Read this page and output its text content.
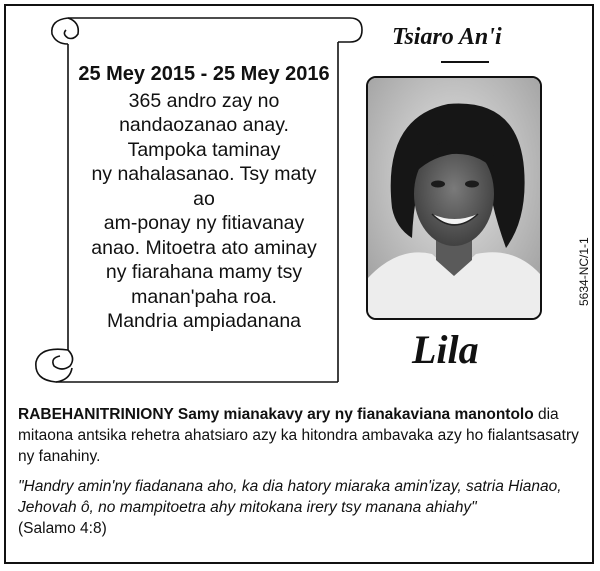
25 Mey 2015 - 25 Mey 2016
365 andro zay no
nandaozanao anay.
Tampoka taminay
ny nahalasanao. Tsy maty ao
am-ponay ny fitiavanay
anao. Mitoetra ato aminay
ny fiarahana mamy tsy
manan'paha roa.
Mandria ampiadanana
Tsiaro An'i
Lila
5634-NC/1-1
RABEHANITRINIONY Samy mianakavy ary ny fianakaviana manontolo dia mitaona antsika rehetra ahatsiaro azy ka hitondra ambavaka azy ho fialantsasatry ny fanahiny.
"Handry amin'ny fiadanana aho, ka dia hatory miaraka amin'izay, satria Hianao, Jehovah ô, no mampitoetra ahy mitokana irery tsy manana ahiahy"
(Salamo 4:8)
